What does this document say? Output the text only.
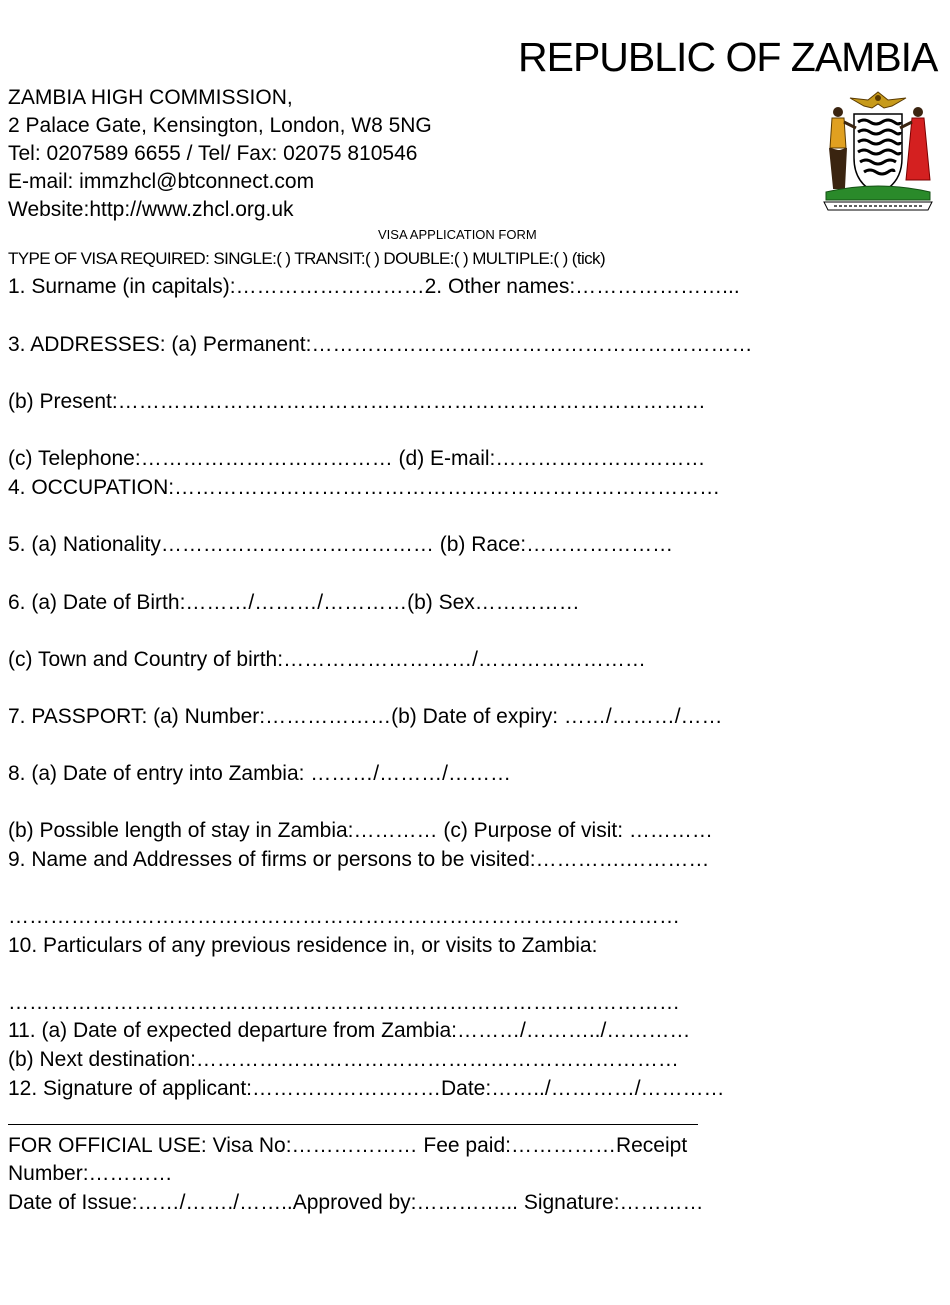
REPUBLIC OF ZAMBIA
ZAMBIA HIGH COMMISSION,
2 Palace Gate, Kensington, London, W8 5NG
Tel: 0207589 6655 / Tel/ Fax: 02075 810546
E-mail: immzhcl@btconnect.com
Website:http://www.zhcl.org.uk
VISA APPLICATION FORM
TYPE OF VISA REQUIRED: SINGLE:( ) TRANSIT:( ) DOUBLE:( ) MULTIPLE:( ) (tick)
1. Surname (in capitals):………………………2. Other names:…………………...
3. ADDRESSES: (a) Permanent:………………………………………………………
(b) Present:…………………………………………………………………………
(c) Telephone:……………………………… (d) E-mail:…………………………
4. OCCUPATION:……………………………………………………………………
5. (a) Nationality………………………………… (b) Race:…………………
6. (a) Date of Birth:………/………/…………(b) Sex……………
(c) Town and Country of birth:………………………/……………………
7. PASSPORT: (a) Number:………………(b) Date of expiry: ……/………/……
8. (a) Date of entry into Zambia: ………/………/………
(b) Possible length of stay in Zambia:………… (c) Purpose of visit: …………
9. Name and Addresses of firms or persons to be visited:………….…………
……………………………………………………………………………………
10. Particulars of any previous residence in, or visits to Zambia:
……………………………………………………………………………………
11. (a) Date of expected departure from Zambia:………/………../…………
(b) Next destination:……………………………………………………………
12. Signature of applicant:………………………Date:……../…………/…………
FOR OFFICIAL USE: Visa No:……………… Fee paid:……………Receipt
Number:…………
Date of Issue:……/……./……..Approved by:…………... Signature:…………
